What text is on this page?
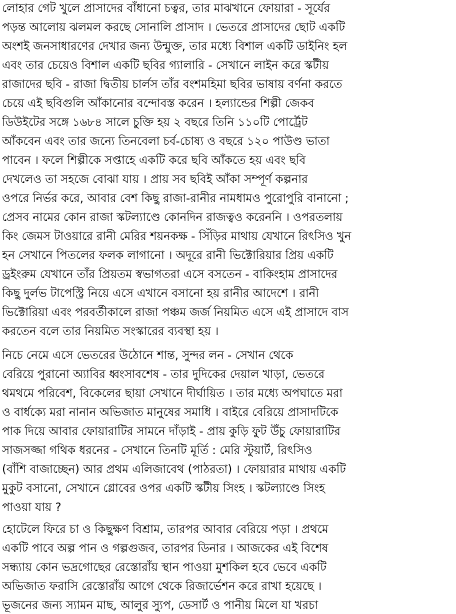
লোহার গেট খুলে প্রাসাদের বাঁধানো চত্বর, তার মাঝখানে ফোয়ারা - সূর্যের
পড়ন্ত আলোয় ঝলমল করছে সোনালি প্রাসাদ । ভেতরে প্রাসাদের ছোট একটি
অংশই জনসাধারণের দেখার জন্য উন্মুক্ত, তার মধ্যে বিশাল একটি ডাইনিং হল
এবং তার চেয়েও বিশাল একটি ছবির গ্যালারি - সেখানে লাইন করে স্কটীয়
রাজাদের ছবি - রাজা দ্বিতীয় চার্লস তাঁর বংশমহিমা ছবির ভাষায় বর্ণনা করতে
চেয়ে এই ছবিগুলি আঁকানোর বন্দোবস্ত করেন । হল্যান্ডের শিল্পী জেকব
ডিউইটের সঙ্গে ১৬৮৪ সালে চুক্তি হয় ২ বছরে তিনি ১১০টি পোর্ট্রেট
আঁকবেন এবং তার জন্যে তিনবেলা চর্ব-চোষ্য ও বছরে ১২০ পাউণ্ড ভাতা
পাবেন । ফলে শিল্পীকে সপ্তাহে একটি করে ছবি আঁকতে হয় এবং ছবি
দেখলেও তা সহজে বোঝা যায় । প্রায় সব ছবিই আঁকা সম্পূর্ণ কল্পনার
ওপরে নির্ভর করে, আবার বেশ কিছু রাজা-রানীর নামধামও পুরোপুরি বানানো ;
প্রেসব নামের কোন রাজা স্কটল্যাণ্ডে কোনদিন রাজত্বও করেননি । ওপরতলায়
কিং জেমস টাওয়ারে রানী মেরির শয়নকক্ষ - সিঁড়ির মাথায় যেখানে রিৎসিও খুন
হন সেখানে পিতলের ফলক লাগানো । অদূরে রানী ভিক্টোরিয়ার প্রিয় একটি
ড্রইংরুম যেখানে তাঁর প্রিয়তম স্বভাগতরা এসে বসতেন - বাকিংহাম প্রাসাদের
কিছু দুর্লভ টাপেস্ট্রি নিয়ে এসে এখানে বসানো হয় রানীর আদেশে । রানী
ভিক্টোরিয়া এবং পরবর্তীকালে রাজা পঞ্চম জর্জ নিয়মিত এসে এই প্রাসাদে বাস
করতেন বলে তার নিয়মিত সংস্কারের ব্যবস্থা হয় ।
নিচে নেমে এসে ভেতরের উঠোনে শান্ত, সুন্দর লন - সেখান থেকে
বেরিয়ে পুরানো অ্যাবির ধ্বংসাবশেষ - তার দুদিকের দেয়াল খাড়া, ভেতরে
থমথমে পরিবেশ, বিকেলের ছায়া সেখানে দীর্ঘায়িত । তার মধ্যে অপঘাতে মরা
ও বার্ধক্যে মরা নানান অভিজাত মানুষের সমাধি । বাইরে বেরিয়ে প্রাসাদটিকে
পাক দিয়ে আবার ফোয়ারাটির সামনে দাঁড়াই - প্রায় কুড়ি ফুট উঁচু ফোয়ারাটির
সাজসজ্জা গথিক ধরনের - সেখানে তিনটি মূর্তি : মেরি স্টুয়ার্ট, রিৎসিও
(বাঁশি বাজাচ্ছেন) আর প্রথম এলিজাবেথ (পাঠরতা) । ফোয়ারার মাথায় একটি
মুকুট বসানো, সেখানে গ্লোবের ওপর একটি স্কটীয় সিংহ । স্কটল্যাণ্ডে সিংহ
পাওয়া যায় ?
হোটেলে ফিরে চা ও কিছুক্ষণ বিশ্রাম, তারপর আবার বেরিয়ে পড়া । প্রথমে
একটি পাবে অল্প পান ও গল্পগুজব, তারপর ডিনার । আজকের এই বিশেষ
সন্ধ্যায় কোন ভদ্রগোছের রেস্তোরাঁয় স্থান পাওয়া মুশকিল হবে ভেবে একটি
অভিজাত ফরাসি রেস্তোরাঁয় আগে থেকে রিজার্ভেশন করে রাখা হয়েছে ।
ভূজনের জন্য স্যামন মাছ, আলুর স্যুপ, ডেসার্ট ও পানীয় মিলে যা খরচা
